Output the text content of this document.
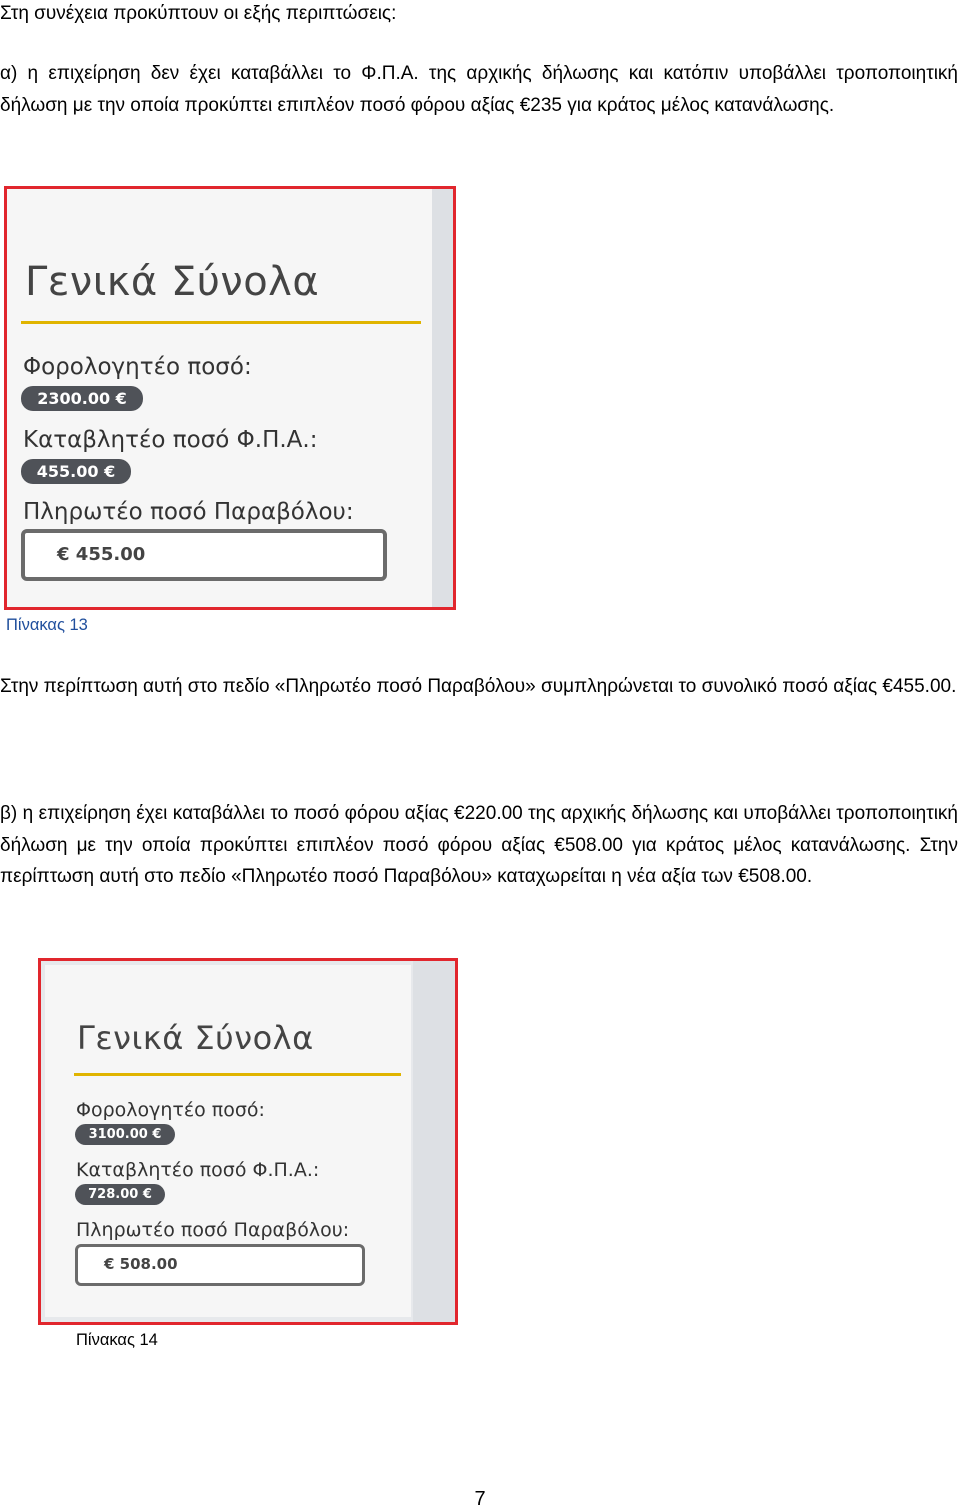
Στη συνέχεια προκύπτουν οι εξής περιπτώσεις:

α) η επιχείρηση δεν έχει καταβάλλει το Φ.Π.Α. της αρχικής δήλωσης και κατόπιν υποβάλλει τροποποιητική δήλωση με την οποία προκύπτει επιπλέον ποσό φόρου αξίας €235 για κράτος μέλος κατανάλωσης.

Γενικά Σύνολα
Φορολογητέο ποσό:
2300.00 €
Καταβλητέο ποσό Φ.Π.Α.:
455.00 €
Πληρωτέο ποσό Παραβόλου:
€ 455.00
Πίνακας 13

Στην περίπτωση αυτή στο πεδίο «Πληρωτέο ποσό Παραβόλου» συμπληρώνεται το συνολικό ποσό αξίας €455.00.

β) η επιχείρηση έχει καταβάλλει το ποσό φόρου αξίας €220.00 της αρχικής δήλωσης και υποβάλλει τροποποιητική δήλωση με την οποία προκύπτει επιπλέον ποσό φόρου αξίας €508.00 για κράτος μέλος κατανάλωσης. Στην περίπτωση αυτή στο πεδίο «Πληρωτέο ποσό Παραβόλου» καταχωρείται η νέα αξία των €508.00.

Γενικά Σύνολα
Φορολογητέο ποσό:
3100.00 €
Καταβλητέο ποσό Φ.Π.Α.:
728.00 €
Πληρωτέο ποσό Παραβόλου:
€ 508.00
Πίνακας 14
7
